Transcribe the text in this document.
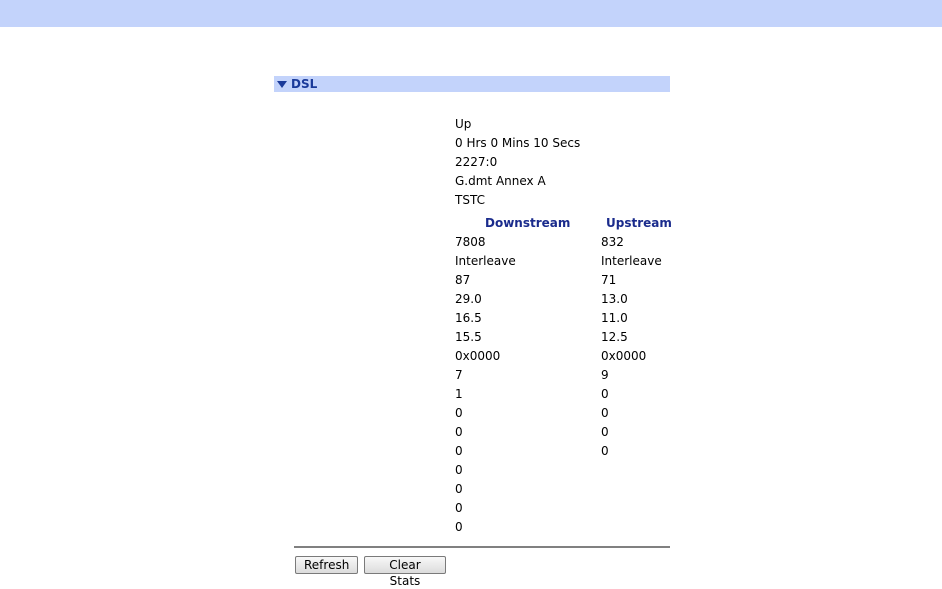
DSL
Up
0 Hrs 0 Mins 10 Secs
2227:0
G.dmt Annex A
TSTC
Downstream	Upstream
7808	832
Interleave	Interleave
87	71
29.0	13.0
16.5	11.0
15.5	12.5
0x0000	0x0000
7	9
1	0
0	0
0	0
0	0
0
0
0
0
Refresh	Clear Stats
